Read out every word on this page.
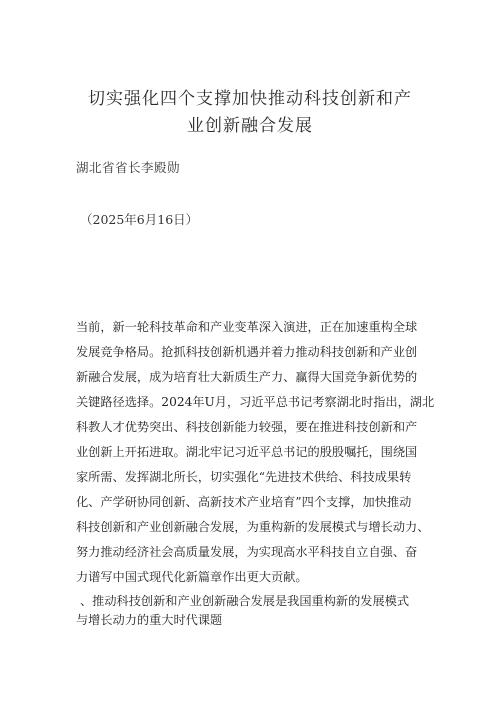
切实强化四个支撑加快推动科技创新和产
业创新融合发展
湖北省省长李殿勋
（2025年6月16日）
当前，新一轮科技革命和产业变革深入演进，正在加速重构全球
发展竞争格局。抢抓科技创新机遇并着力推动科技创新和产业创
新融合发展，成为培育壮大新质生产力、赢得大国竞争新优势的
关键路径选择。2024年U月，习近平总书记考察湖北时指出，湖北
科教人才优势突出、科技创新能力较强，要在推进科技创新和产
业创新上开拓进取。湖北牢记习近平总书记的殷殷嘱托，围绕国
家所需、发挥湖北所长，切实强化“先进技术供给、科技成果转
化、产学研协同创新、高新技术产业培育”四个支撑，加快推动
科技创新和产业创新融合发展，为重构新的发展模式与增长动力、
努力推动经济社会高质量发展，为实现高水平科技自立自强、奋
力谱写中国式现代化新篇章作出更大贡献。
、推动科技创新和产业创新融合发展是我国重构新的发展模式
与增长动力的重大时代课题
